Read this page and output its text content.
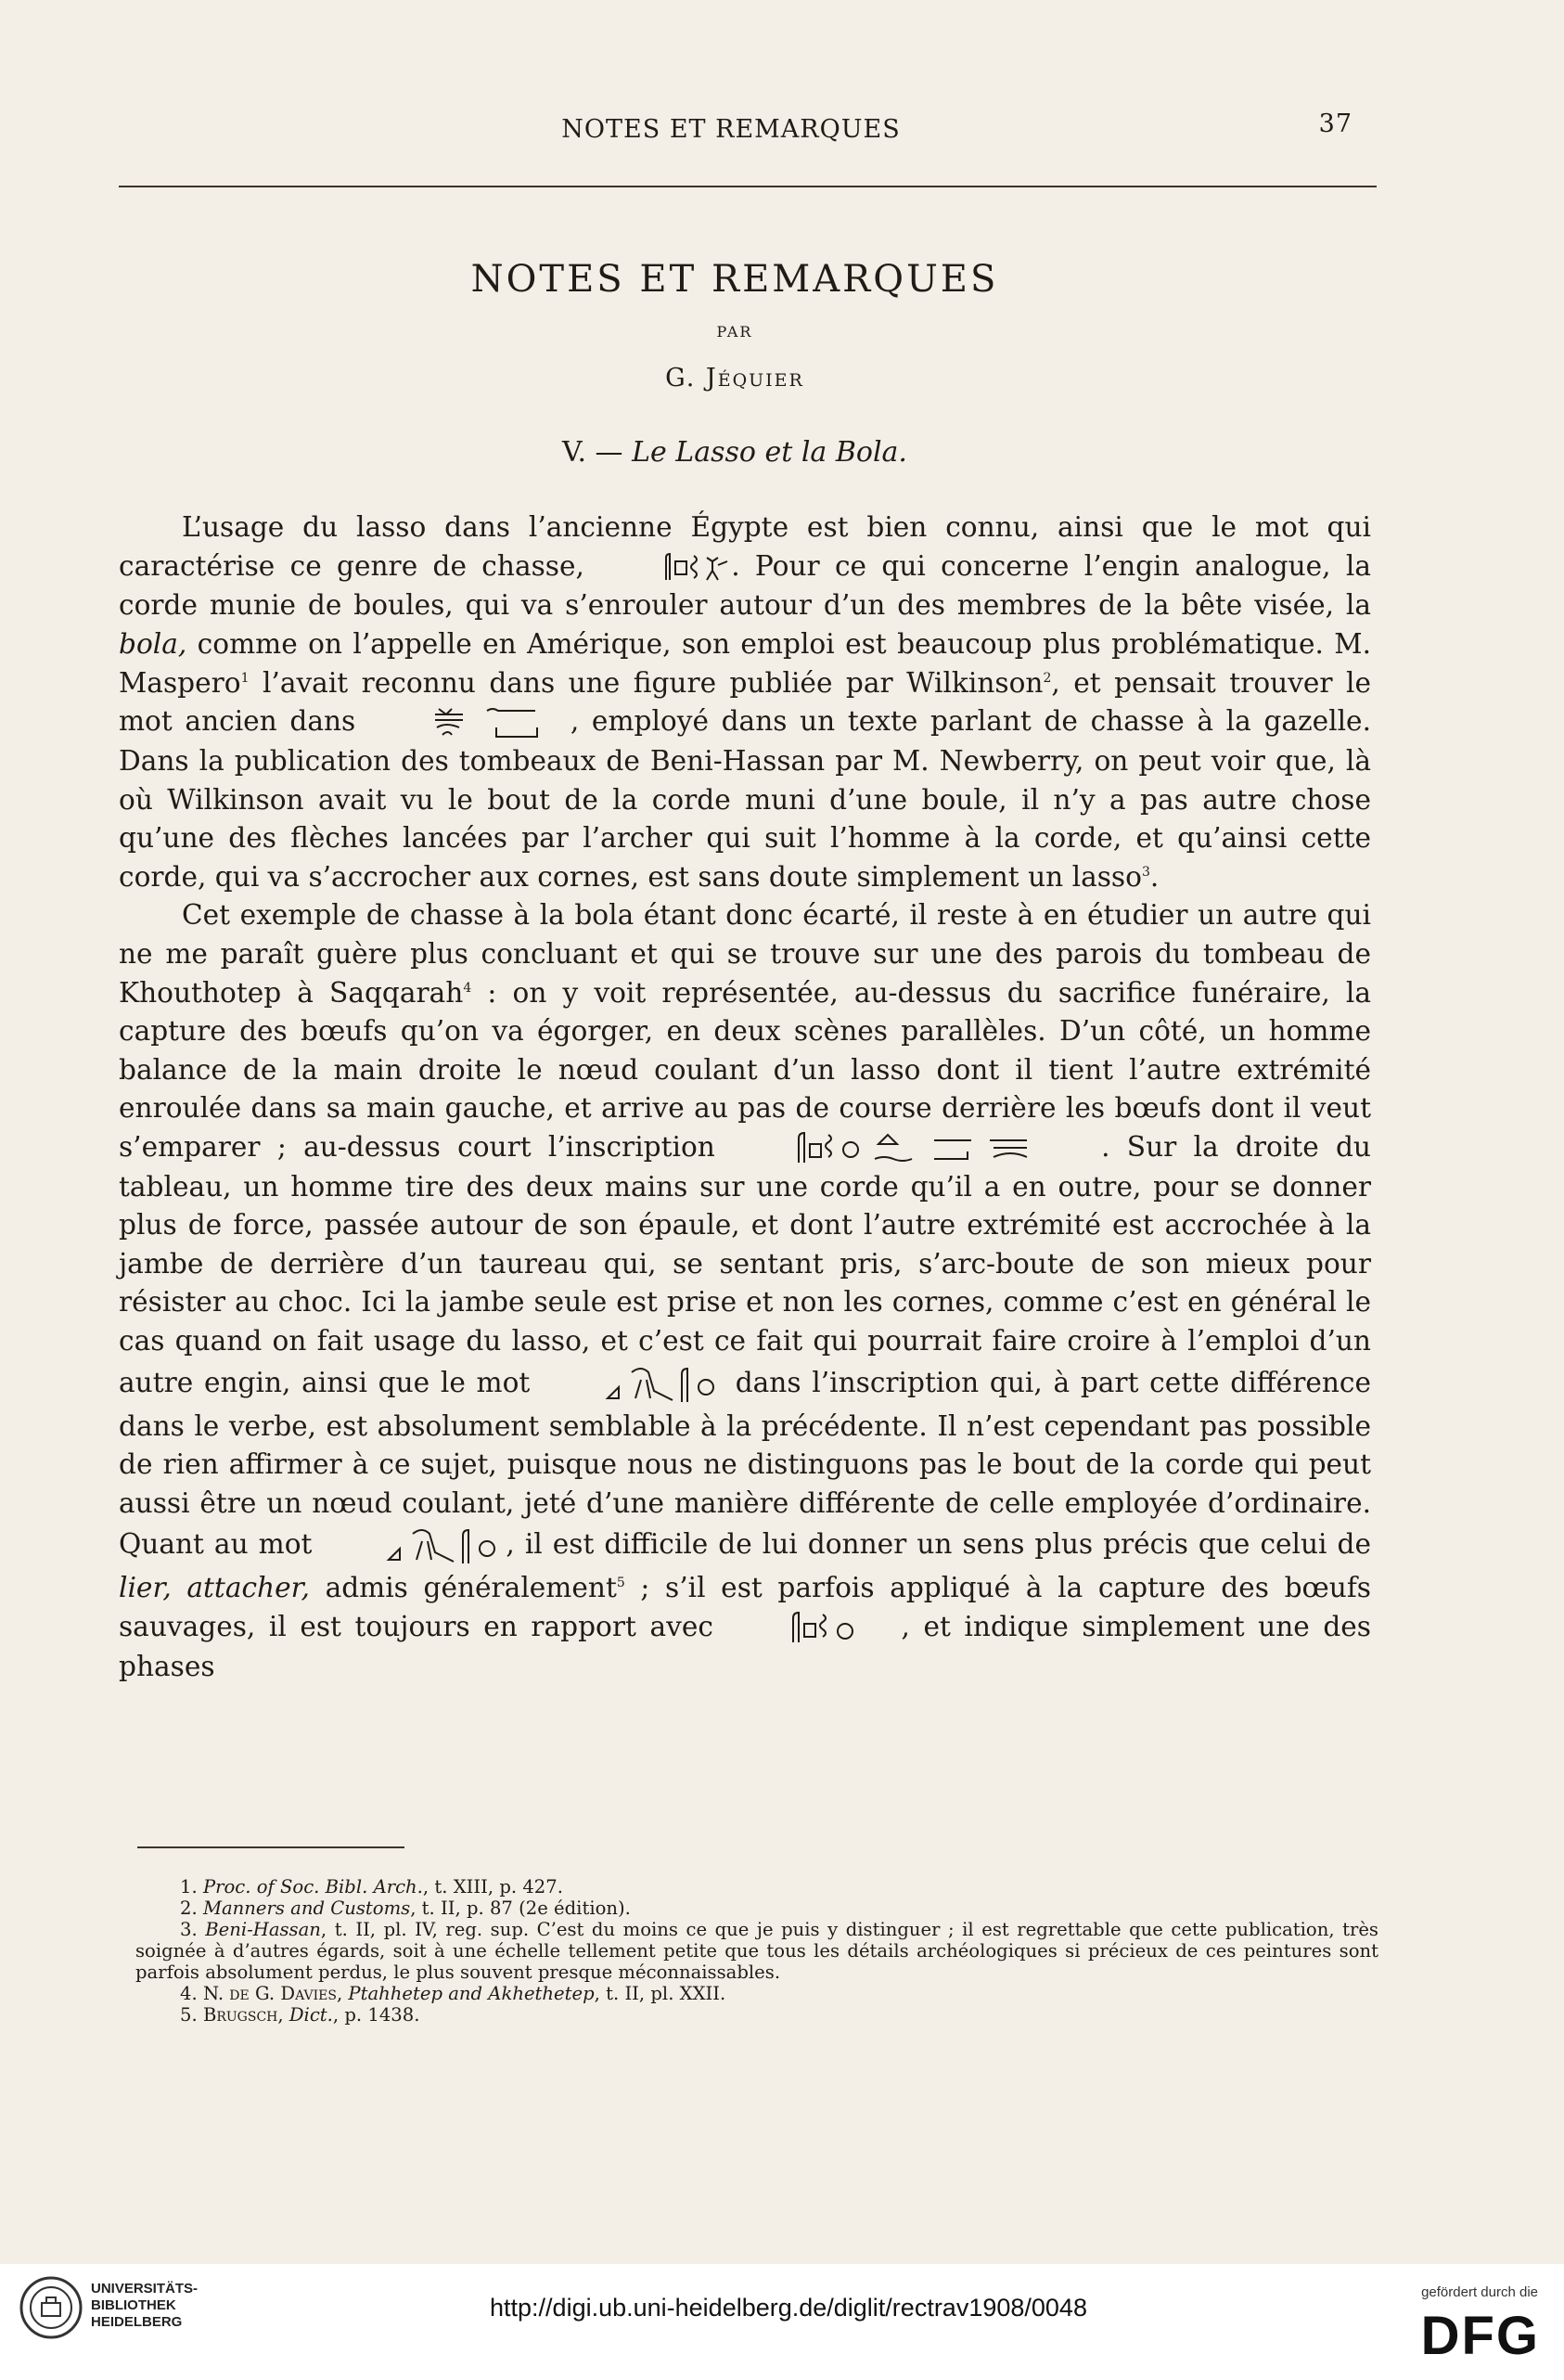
NOTES ET REMARQUES	37
NOTES ET REMARQUES
PAR
G. Jéquier
V. — Le Lasso et la Bola.

L’usage du lasso dans l’ancienne Égypte est bien connu, ainsi que le mot qui caractérise ce genre de chasse,	. Pour ce qui concerne l’engin analogue, la corde munie de boules, qui va s’enrouler autour d’un des membres de la bête visée, la bola, comme on l’appelle en Amérique, son emploi est beaucoup plus problématique. M. Maspero$^1$ l’avait reconnu dans une figure publiée par Wilkinson$^2$, et pensait trouver le mot ancien dans	, employé dans un texte parlant de chasse à la gazelle. Dans la publication des tombeaux de Beni-Hassan par M. Newberry, on peut voir que, là où Wilkinson avait vu le bout de la corde muni d’une boule, il n’y a pas autre chose qu’une des flèches lancées par l’archer qui suit l’homme à la corde, et qu’ainsi cette corde, qui va s’accrocher aux cornes, est sans doute simplement un lasso$^3$.

Cet exemple de chasse à la bola étant donc écarté, il reste à en étudier un autre qui ne me paraît guère plus concluant et qui se trouve sur une des parois du tombeau de Khouthotep à Saqqarah$^4$ : on y voit représentée, au-dessus du sacrifice funéraire, la capture des bœufs qu’on va égorger, en deux scènes parallèles. D’un côté, un homme balance de la main droite le nœud coulant d’un lasso dont il tient l’autre extrémité enroulée dans sa main gauche, et arrive au pas de course derrière les bœufs dont il veut s’emparer ; au-dessus court l’inscription	. Sur la droite du tableau, un homme tire des deux mains sur une corde qu’il a en outre, pour se donner plus de force, passée autour de son épaule, et dont l’autre extrémité est accrochée à la jambe de derrière d’un taureau qui, se sentant pris, s’arc-boute de son mieux pour résister au choc. Ici la jambe seule est prise et non les cornes, comme c’est en général le cas quand on fait usage du lasso, et c’est ce fait qui pourrait faire croire à l’emploi d’un autre engin, ainsi que le mot	dans l’inscription qui, à part cette différence dans le verbe, est absolument semblable à la précédente. Il n’est cependant pas possible de rien affirmer à ce sujet, puisque nous ne distinguons pas le bout de la corde qui peut aussi être un nœud coulant, jeté d’une manière différente de celle employée d’ordinaire. Quant au mot	, il est difficile de lui donner un sens plus précis que celui de lier, attacher, admis généralement$^5$ ; s’il est parfois appliqué à la capture des bœufs sauvages, il est toujours en rapport avec	, et indique simplement une des phases

1. Proc. of Soc. Bibl. Arch., t. XIII, p. 427.

2. Manners and Customs, t. II, p. 87 (2e édition).

3. Beni-Hassan, t. II, pl. IV, reg. sup. C’est du moins ce que je puis y distinguer ; il est regrettable que cette publication, très soignée à d’autres égards, soit à une échelle tellement petite que tous les détails archéologiques si précieux de ces peintures sont parfois absolument perdus, le plus souvent presque méconnaissables.

4. N. de G. Davies, Ptahhetep and Akhethetep, t. II, pl. XXII.

5. Brugsch, Dict., p. 1438.

UNIVERSITÄTS-
BIBLIOTHEK
HEIDELBERG
http://digi.ub.uni-heidelberg.de/diglit/rectrav1908/0048
gefördert durch die
DFG
